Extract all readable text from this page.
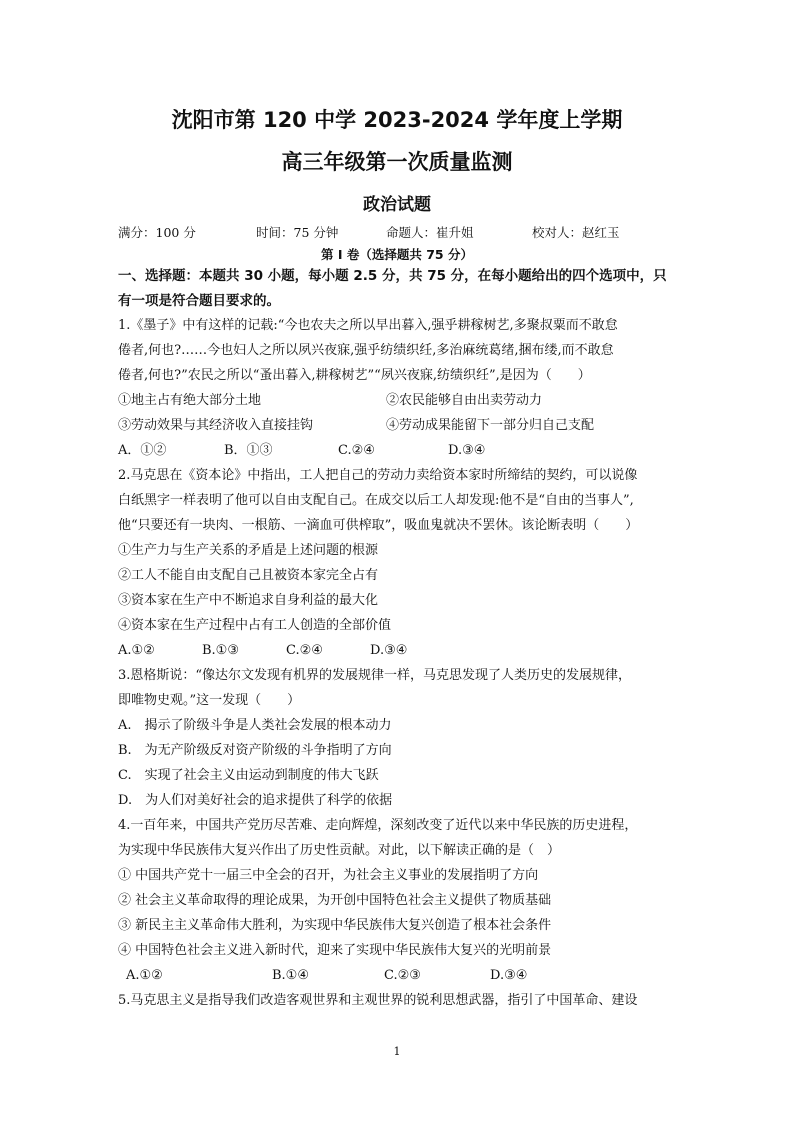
沈阳市第 120 中学 2023-2024 学年度上学期
高三年级第一次质量监测
政治试题
满分：100 分	时间：75 分钟	命题人：崔升姐	校对人：赵红玉
第 I 卷（选择题共 75 分）
一、选择题：本题共 30 小题，每小题 2.5 分，共 75 分，在每小题给出的四个选项中，只
有一项是符合题目要求的。
1.《墨子》中有这样的记载:“今也农夫之所以早出暮入,强乎耕稼树艺,多聚叔粟而不敢怠
倦者,何也?……今也妇人之所以夙兴夜寐,强乎纺绩织纴,多治麻统葛绪,捆布缕,而不敢怠
倦者,何也?”农民之所以“蚤出暮入,耕稼树艺”“夙兴夜寐,纺绩织纴”,是因为（　　）
①地主占有绝大部分土地	②农民能够自由出卖劳动力
③劳动效果与其经济收入直接挂钩	④劳动成果能留下一部分归自己支配
A．①②	B．①③	C.②④	D.③④
2.马克思在《资本论》中指出，工人把自己的劳动力卖给资本家时所缔结的契约，可以说像
白纸黑字一样表明了他可以自由支配自己。在成交以后工人却发现:他不是“自由的当事人”,
他“只要还有一块肉、一根筋、一滴血可供榨取”，吸血鬼就决不罢休。该论断表明（　　）
①生产力与生产关系的矛盾是上述问题的根源
②工人不能自由支配自己且被资本家完全占有
③资本家在生产中不断追求自身利益的最大化
④资本家在生产过程中占有工人创造的全部价值
A.①②	B.①③	C.②④	D.③④
3.恩格斯说：“像达尔文发现有机界的发展规律一样，马克思发现了人类历史的发展规律，
即唯物史观。”这一发现（　　）
A.　揭示了阶级斗争是人类社会发展的根本动力
B.　为无产阶级反对资产阶级的斗争指明了方向
C.　实现了社会主义由运动到制度的伟大飞跃
D.　为人们对美好社会的追求提供了科学的依据
4.一百年来，中国共产党历尽苦难、走向辉煌，深刻改变了近代以来中华民族的历史进程，
为实现中华民族伟大复兴作出了历史性贡献。对此，以下解读正确的是（　）
① 中国共产党十一届三中全会的召开，为社会主义事业的发展指明了方向
② 社会主义革命取得的理论成果，为开创中国特色社会主义提供了物质基础
③ 新民主主义革命伟大胜利，为实现中华民族伟大复兴创造了根本社会条件
④ 中国特色社会主义进入新时代，迎来了实现中华民族伟大复兴的光明前景
A.①②	B.①④	C.②③	D.③④
5.马克思主义是指导我们改造客观世界和主观世界的锐利思想武器，指引了中国革命、建设
1
